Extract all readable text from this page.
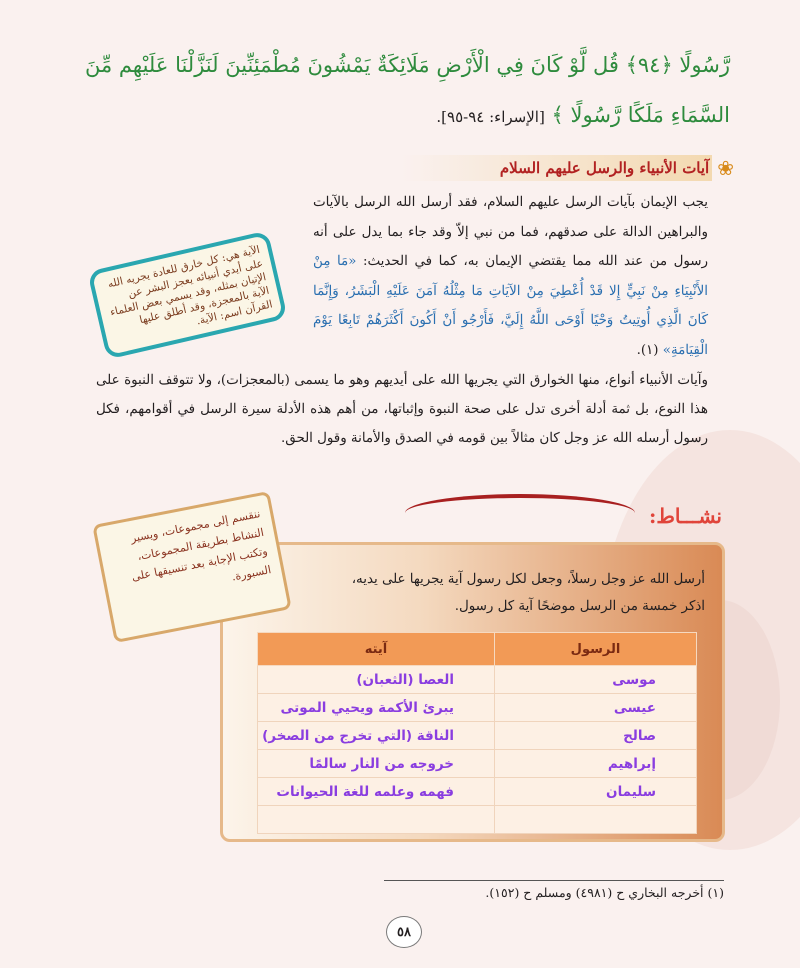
رَّسُولًا ﴿٩٤﴾ قُل لَّوْ كَانَ فِي الْأَرْضِ مَلَائِكَةٌ يَمْشُونَ مُطْمَئِنِّينَ لَنَزَّلْنَا عَلَيْهِم مِّنَ السَّمَاءِ مَلَكًا رَّسُولًا ﴾ [الإسراء: ٩٤-٩٥].
❀
آيات الأنبياء والرسل عليهم السلام
يجب الإيمان بآيات الرسل عليهم السلام، فقد أرسل الله الرسل بالآيات والبراهين الدالة على صدقهم، فما من نبي إلاّ وقد جاء بما يدل على أنه رسول من عند الله مما يقتضي الإيمان به، كما في الحديث: «مَا مِنْ الأَنْبِيَاءِ مِنْ نَبِيٍّ إِلا قَدْ أُعْطِيَ مِنْ الآيَاتِ مَا مِثْلُهُ آمَنَ عَلَيْهِ الْبَشَرُ، وَإِنَّمَا كَانَ الَّذِي أُوتِيتُ وَحْيًا أَوْحَى اللَّهُ إِلَيَّ، فَأَرْجُو أَنْ أَكُونَ أَكْثَرَهُمْ تَابِعًا يَوْمَ الْقِيَامَةِ» (١).
الآية هي: كل خارق للعادة يجريه الله على أيدي أنبيائه يعجز البشر عن الإتيان بمثله، وقد يسمي بعض العلماء الآية بالمعجزة، وقد أطلق عليها القرآن اسم: الآية.
وآيات الأنبياء أنواع، منها الخوارق التي يجريها الله على أيديهم وهو ما يسمى (بالمعجزات)، ولا تتوقف النبوة على هذا النوع، بل ثمة أدلة أخرى تدل على صحة النبوة وإثباتها، من أهم هذه الأدلة سيرة الرسل في أقوامهم، فكل رسول أرسله الله عز وجل كان مثالاً بين قومه في الصدق والأمانة وقول الحق.
نشـــاط:
ننقسم إلى مجموعات، ويسير النشاط بطريقة المجموعات، وتكتب الإجابة بعد تنسيقها على السبورة.	أرسل الله عز وجل رسلاً، وجعل لكل رسول آية يجريها على يديه،
اذكر خمسة من الرسل موضحًا آية كل رسول.
الرسول	آيته
موسى	العصا (الثعبان)
عيسى	يبرئ الأكمة ويحيي الموتى
صالح	الناقة (التي تخرج من الصخر)
إبراهيم	خروجه من النار سالمًا
سليمان	فهمه وعلمه للغة الحيوانات

(١) أخرجه البخاري ح (٤٩٨١) ومسلم ح (١٥٢).
٥٨
